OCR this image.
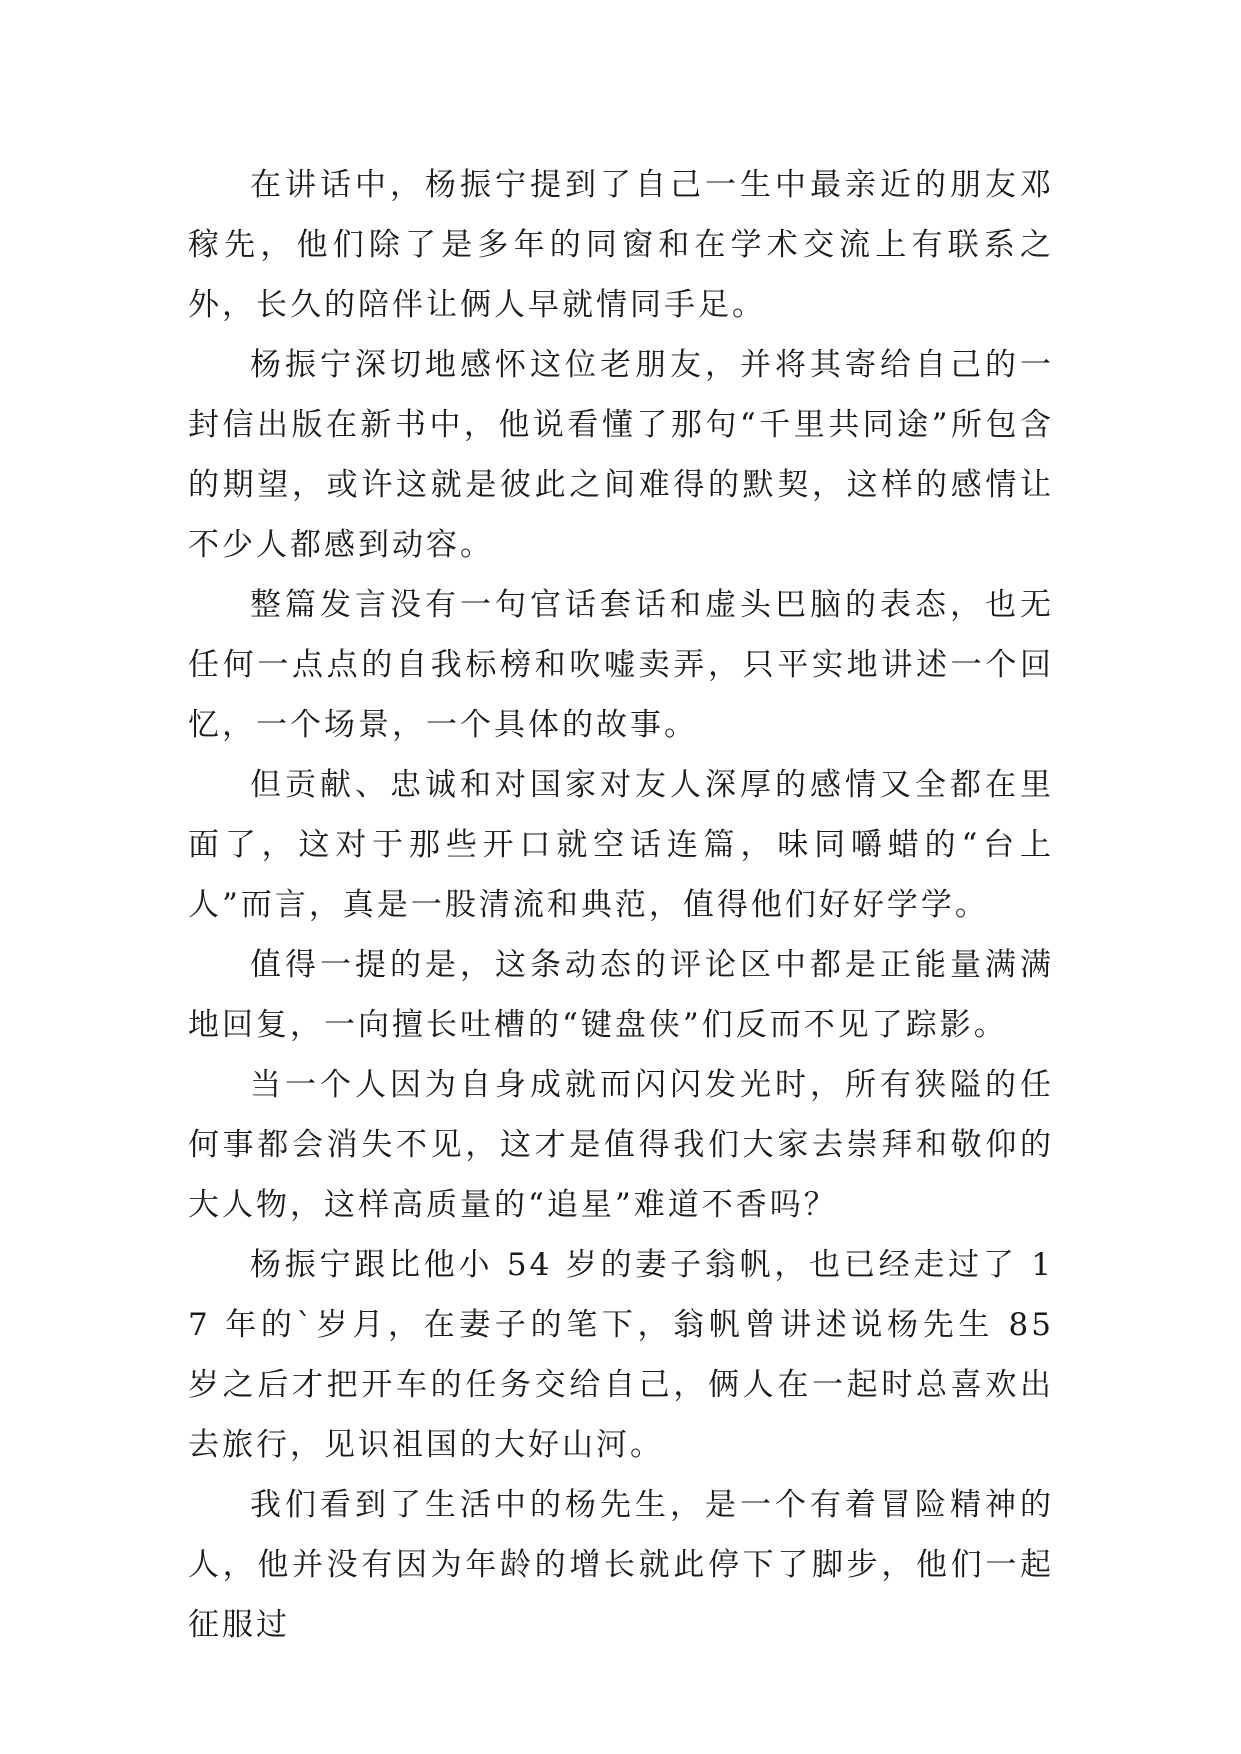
在讲话中，杨振宁提到了自己一生中最亲近的朋友邓稼先，他们除了是多年的同窗和在学术交流上有联系之外，长久的陪伴让俩人早就情同手足。

杨振宁深切地感怀这位老朋友，并将其寄给自己的一封信出版在新书中，他说看懂了那句“千里共同途”所包含的期望，或许这就是彼此之间难得的默契，这样的感情让不少人都感到动容。

整篇发言没有一句官话套话和虚头巴脑的表态，也无任何一点点的自我标榜和吹嘘卖弄，只平实地讲述一个回忆，一个场景，一个具体的故事。

但贡献、忠诚和对国家对友人深厚的感情又全都在里面了，这对于那些开口就空话连篇，味同嚼蜡的“台上人”而言，真是一股清流和典范，值得他们好好学学。

值得一提的是，这条动态的评论区中都是正能量满满地回复，一向擅长吐槽的“键盘侠”们反而不见了踪影。

当一个人因为自身成就而闪闪发光时，所有狭隘的任何事都会消失不见，这才是值得我们大家去崇拜和敬仰的大人物，这样高质量的“追星”难道不香吗？

杨振宁跟比他小 54 岁的妻子翁帆，也已经走过了 17 年的`岁月，在妻子的笔下，翁帆曾讲述说杨先生 85 岁之后才把开车的任务交给自己，俩人在一起时总喜欢出去旅行，见识祖国的大好山河。

我们看到了生活中的杨先生，是一个有着冒险精神的人，他并没有因为年龄的增长就此停下了脚步，他们一起征服过
